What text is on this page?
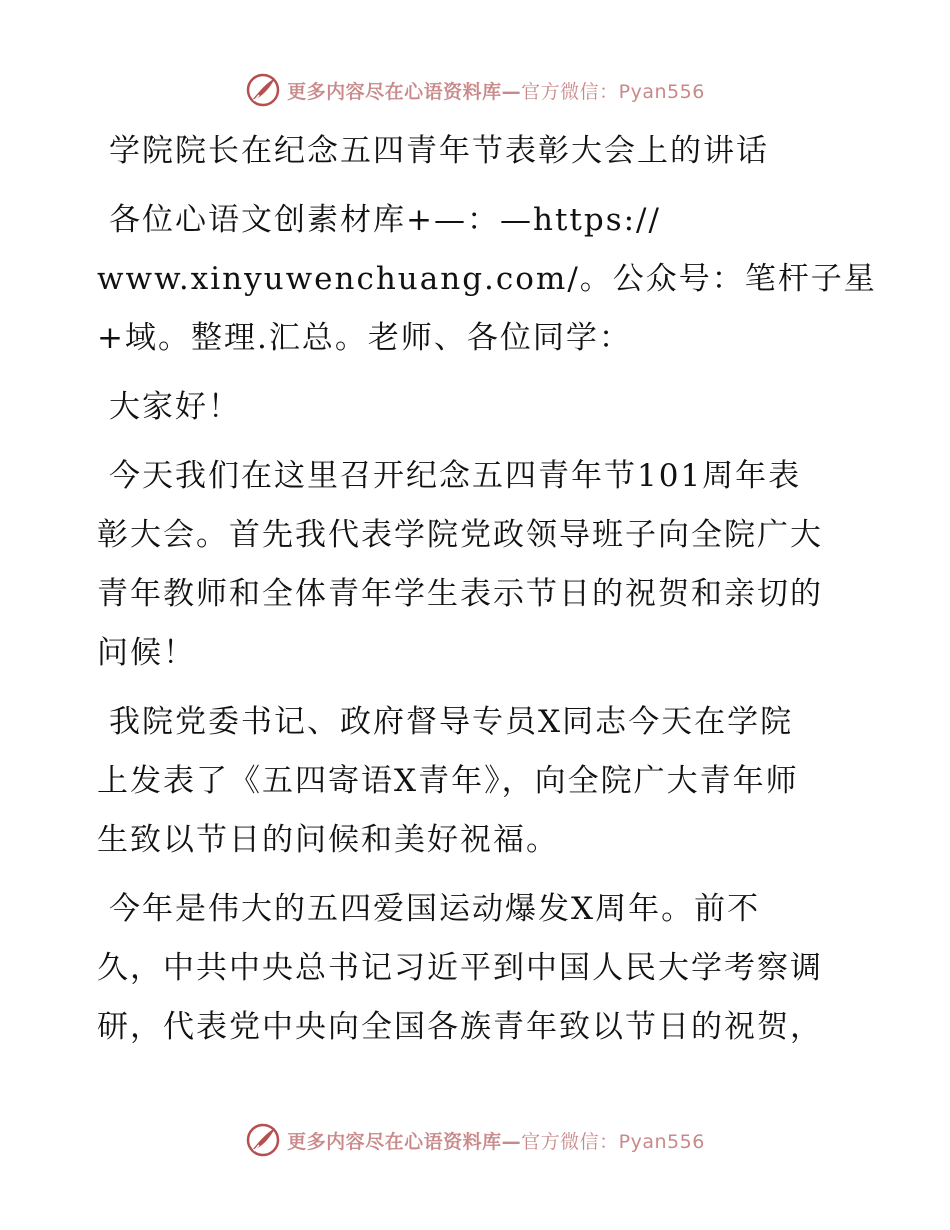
更多内容尽在心语资料库—官方微信：Pyan556

学院院长在纪念五四青年节表彰大会上的讲话

各位心语文创素材库+—：—https://

www.xinyuwenchuang.com/。公众号：笔杆子星

+域。整理.汇总。老师、各位同学：

大家好！

今天我们在这里召开纪念五四青年节101周年表

彰大会。首先我代表学院党政领导班子向全院广大

青年教师和全体青年学生表示节日的祝贺和亲切的

问候！

我院党委书记、政府督导专员X同志今天在学院

上发表了《五四寄语X青年》，向全院广大青年师

生致以节日的问候和美好祝福。

今年是伟大的五四爱国运动爆发X周年。前不

久，中共中央总书记习近平到中国人民大学考察调

研，代表党中央向全国各族青年致以节日的祝贺，

更多内容尽在心语资料库—官方微信：Pyan556
